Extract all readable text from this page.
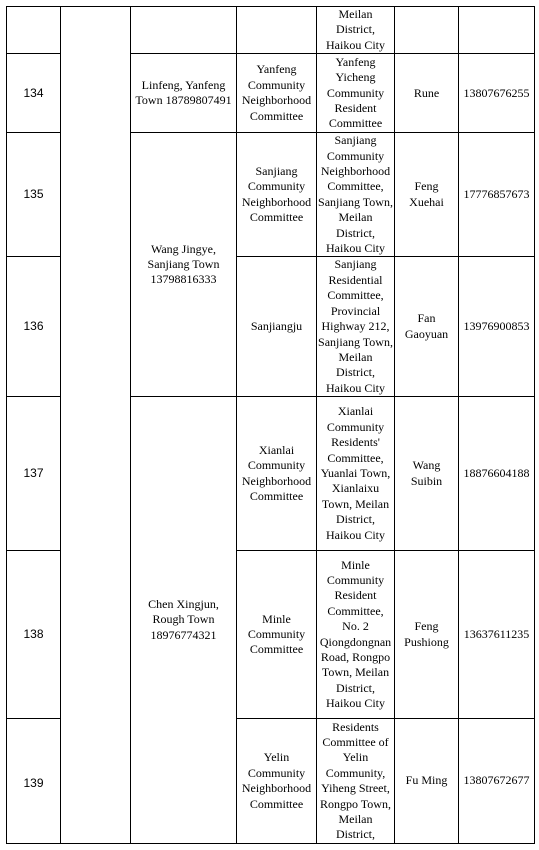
				Meilan District, Haikou City		
134		Linfeng, Yanfeng Town 18789807491	Yanfeng Community Neighborhood Committee	Yanfeng Yicheng Community Resident Committee	Rune	13807676255
135		Wang Jingye, Sanjiang Town 13798816333	Sanjiang Community Neighborhood Committee	Sanjiang Community Neighborhood Committee, Sanjiang Town, Meilan District, Haikou City	Feng Xuehai	17776857673
136			Sanjiangju	Sanjiang Residential Committee, Provincial Highway 212, Sanjiang Town, Meilan District, Haikou City	Fan Gaoyuan	13976900853
137		Chen Xingjun, Rough Town 18976774321	Xianlai Community Neighborhood Committee	Xianlai Community Residents' Committee, Yuanlai Town, Xianlaixu Town, Meilan District, Haikou City	Wang Suibin	18876604188
138			Minle Community Committee	Minle Community Resident Committee, No. 2 Qiongdongnan Road, Rongpo Town, Meilan District, Haikou City	Feng Pushiong	13637611235
139			Yelin Community Neighborhood Committee	Residents Committee of Yelin Community, Yiheng Street, Rongpo Town, Meilan District,	Fu Ming	13807672677
